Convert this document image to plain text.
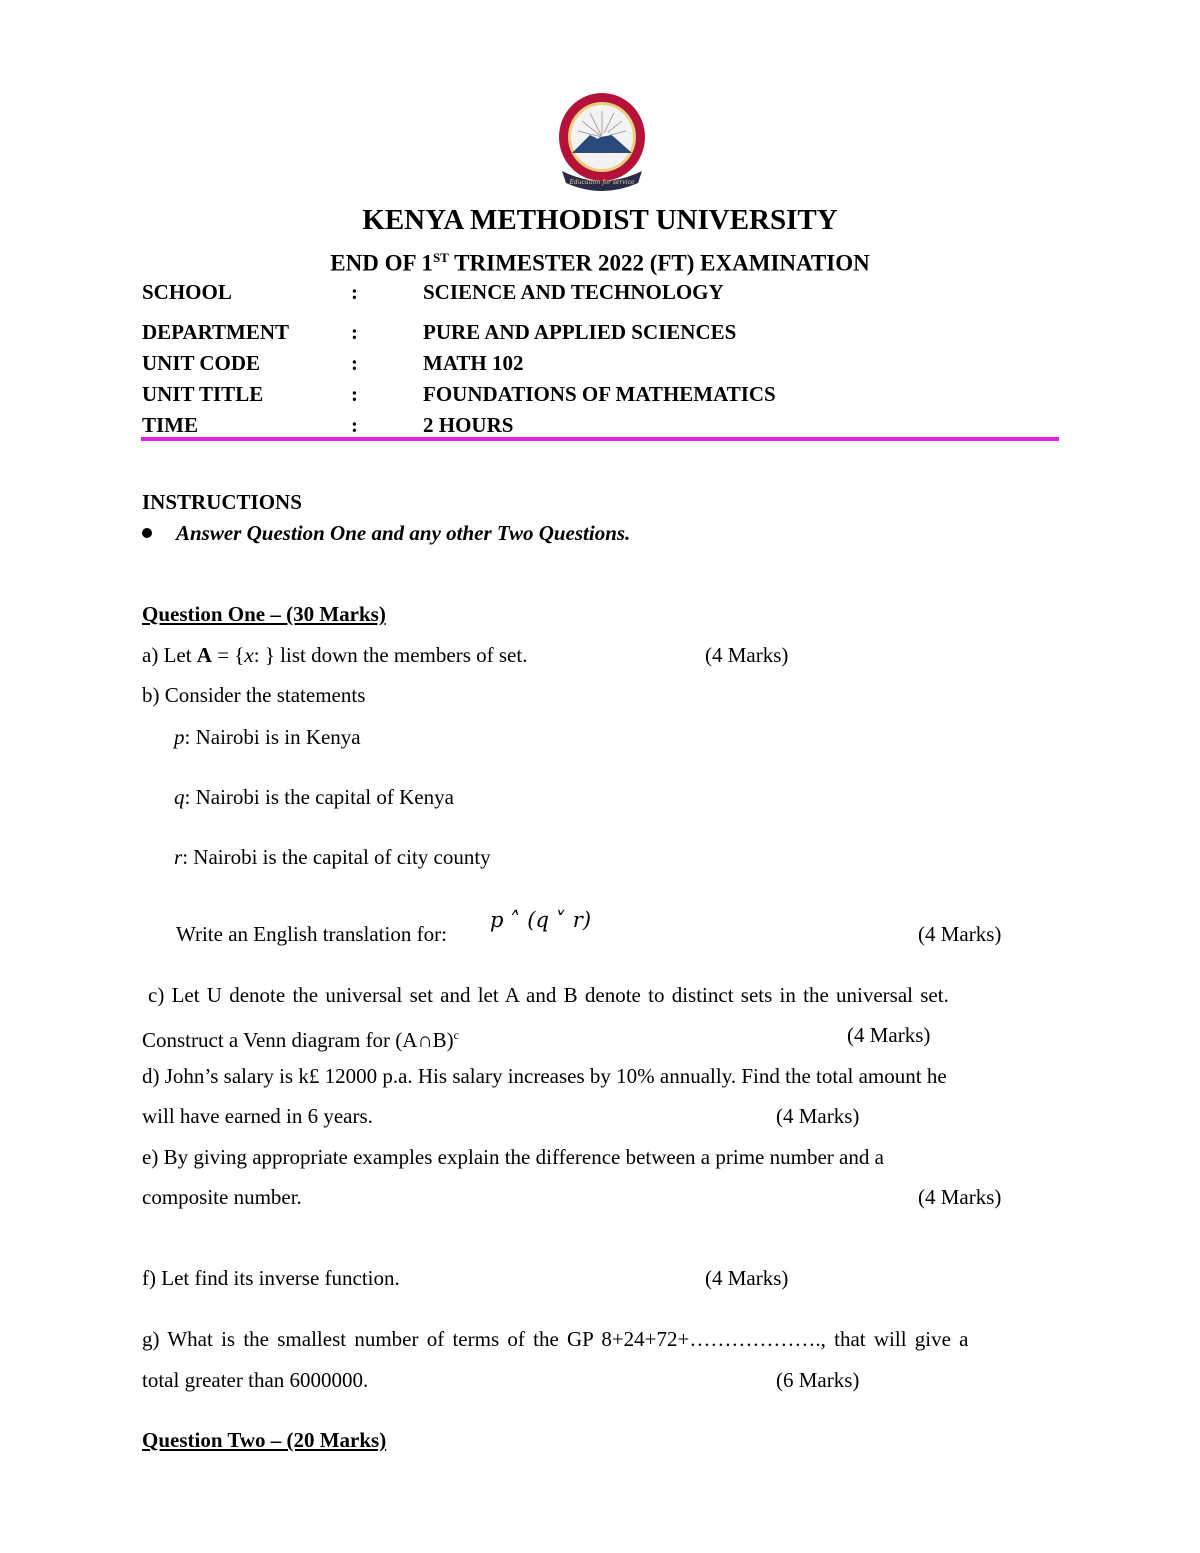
Education for service
KENYA METHODIST UNIVERSITY
END OF 1ST TRIMESTER 2022 (FT) EXAMINATION
SCHOOL	:	SCIENCE AND TECHNOLOGY
DEPARTMENT	:	PURE AND APPLIED SCIENCES
UNIT CODE	:	MATH 102
UNIT TITLE	:	FOUNDATIONS OF MATHEMATICS
TIME	:	2 HOURS
INSTRUCTIONS
Answer Question One and any other Two Questions.
Question One – (30 Marks)
a) Let A = {x: } list down the members of set.	(4 Marks)
b) Consider the statements
p: Nairobi is in Kenya
q: Nairobi is the capital of Kenya
r: Nairobi is the capital of city county
Write an English translation for:
p ˄ (q ˅ r)
(4 Marks)
c) Let U denote the universal set and let A and B denote to distinct sets in the universal set.
Construct a Venn diagram for (A∩B)$^c$	(4 Marks)
d) John’s salary is k£ 12000 p.a. His salary increases by 10% annually. Find the total amount he
will have earned in 6 years.	(4 Marks)
e) By giving appropriate examples explain the difference between a prime number and a
composite number.	(4 Marks)
f) Let find its inverse function.	(4 Marks)
g) What is the smallest number of terms of the GP 8+24+72+………………., that will give a
total greater than 6000000.	(6 Marks)
Question Two – (20 Marks)
